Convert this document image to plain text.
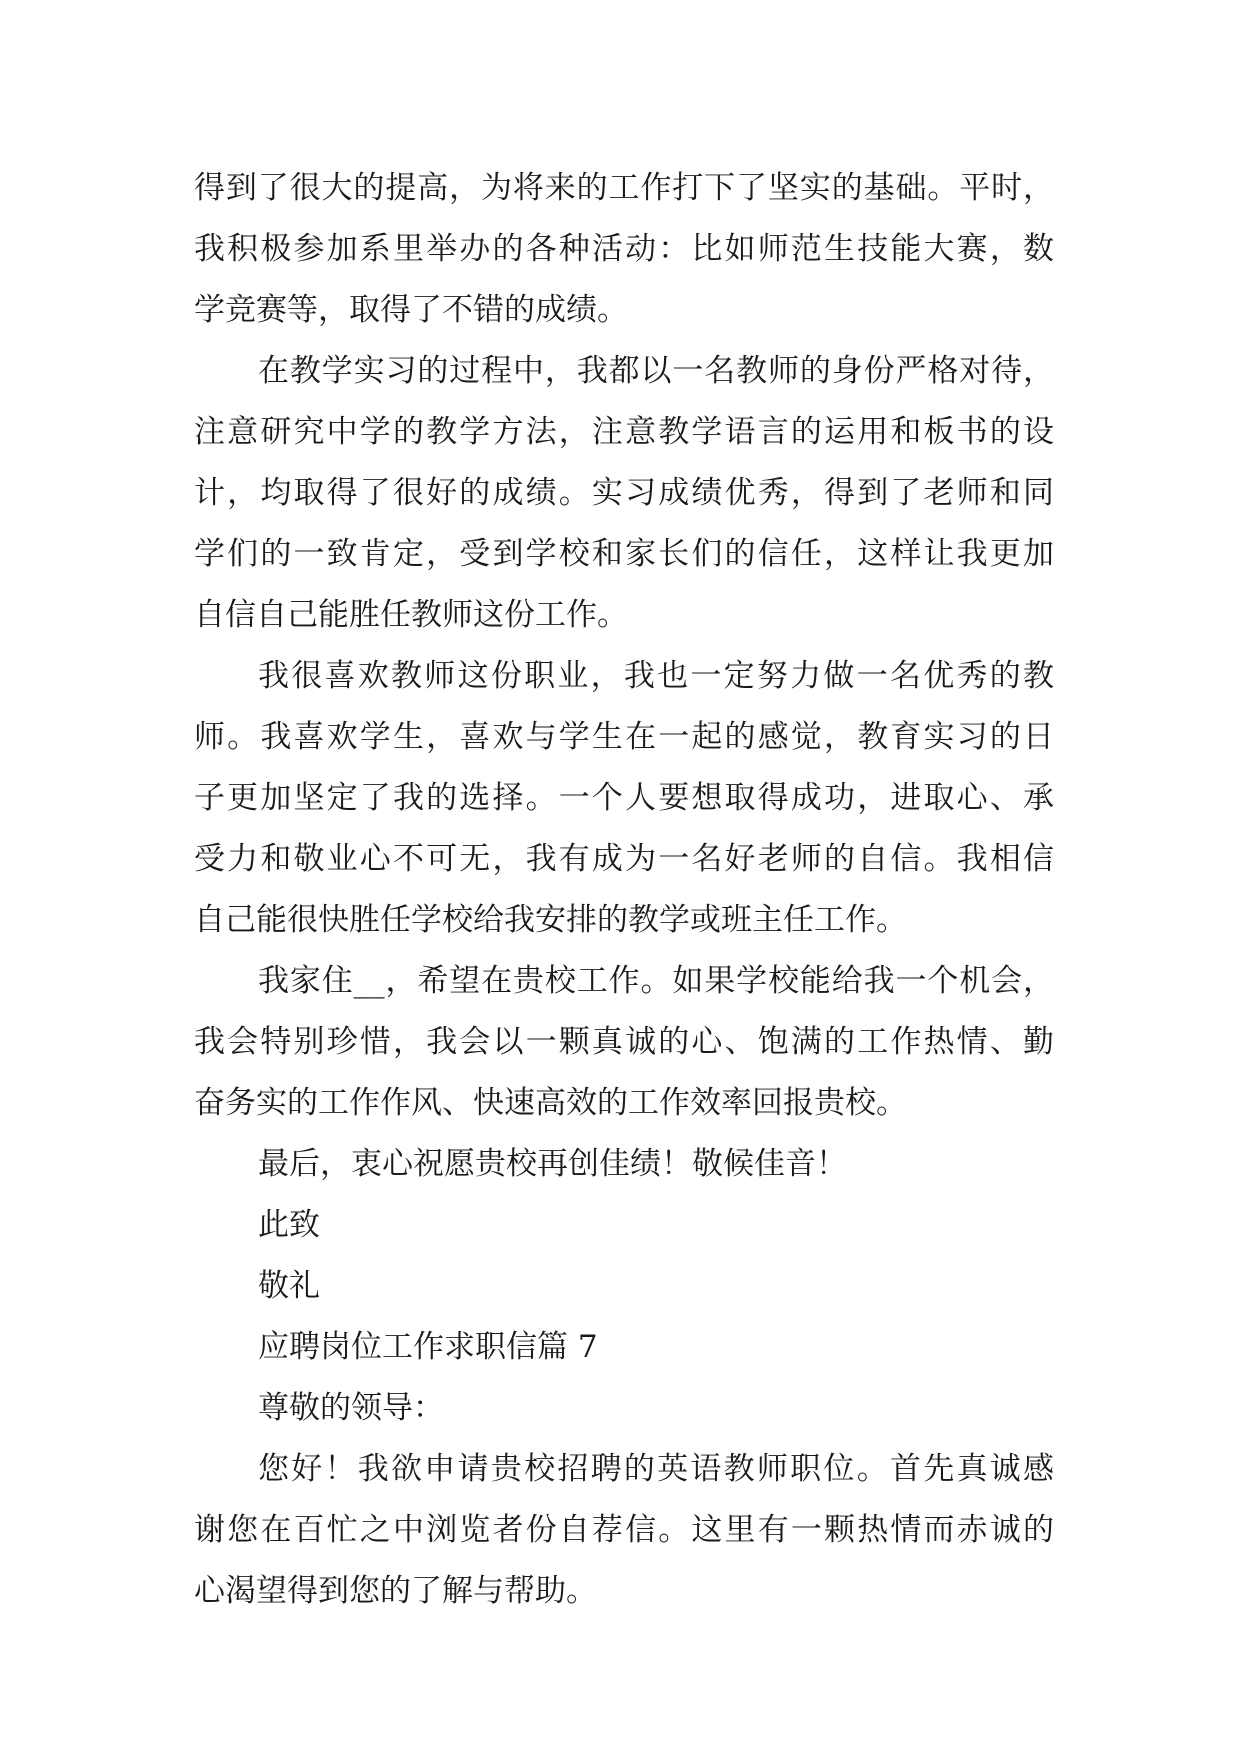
得到了很大的提高，为将来的工作打下了坚实的基础。平时，
我积极参加系里举办的各种活动：比如师范生技能大赛，数
学竞赛等，取得了不错的成绩。
在教学实习的过程中，我都以一名教师的身份严格对待，
注意研究中学的教学方法，注意教学语言的运用和板书的设
计，均取得了很好的成绩。实习成绩优秀，得到了老师和同
学们的一致肯定，受到学校和家长们的信任，这样让我更加
自信自己能胜任教师这份工作。
我很喜欢教师这份职业，我也一定努力做一名优秀的教
师。我喜欢学生，喜欢与学生在一起的感觉，教育实习的日
子更加坚定了我的选择。一个人要想取得成功，进取心、承
受力和敬业心不可无，我有成为一名好老师的自信。我相信
自己能很快胜任学校给我安排的教学或班主任工作。
我家住__，希望在贵校工作。如果学校能给我一个机会，
我会特别珍惜，我会以一颗真诚的心、饱满的工作热情、勤
奋务实的工作作风、快速高效的工作效率回报贵校。
最后，衷心祝愿贵校再创佳绩！敬候佳音！
此致
敬礼
应聘岗位工作求职信篇 7
尊敬的领导：
您好！我欲申请贵校招聘的英语教师职位。首先真诚感
谢您在百忙之中浏览者份自荐信。这里有一颗热情而赤诚的
心渴望得到您的了解与帮助。
